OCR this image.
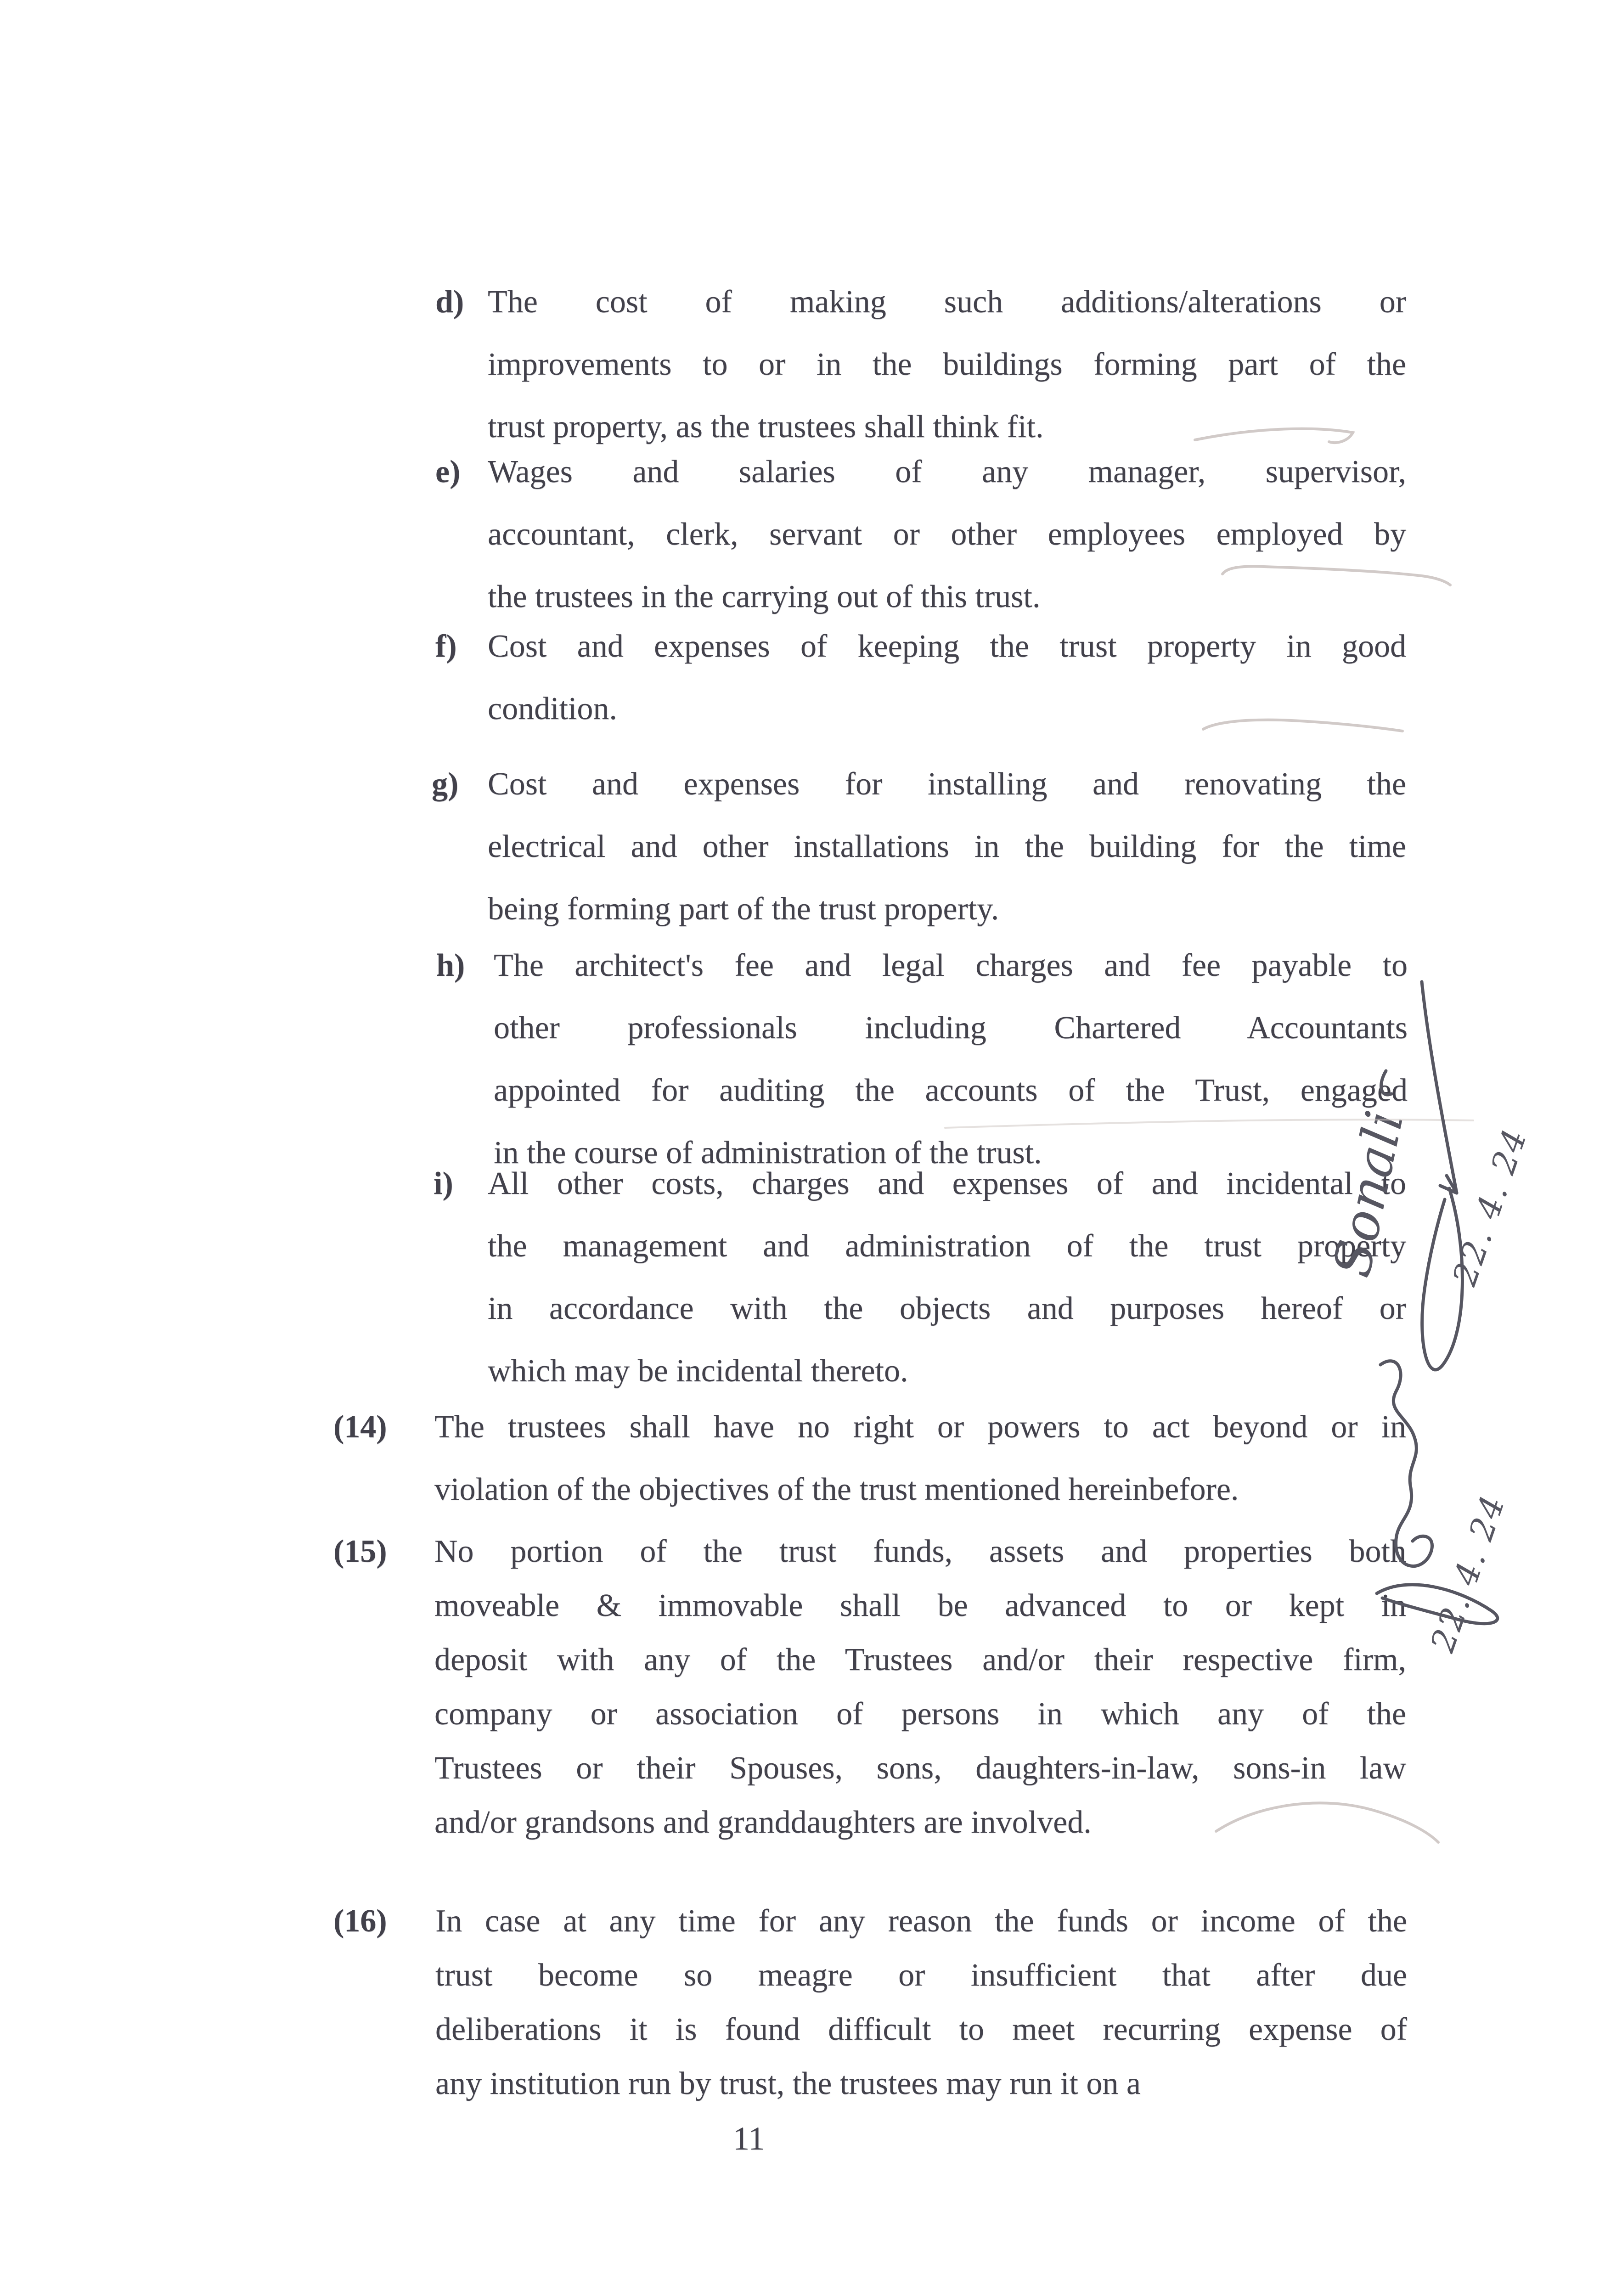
d) The cost of making such additions/alterations or
improvements to or in the buildings forming part of the
trust property, as the trustees shall think fit.
e) Wages and salaries of any manager, supervisor,
accountant, clerk, servant or other employees employed by
the trustees in the carrying out of this trust.
f) Cost and expenses of keeping the trust property in good
condition.
g) Cost and expenses for installing and renovating the
electrical and other installations in the building for the time
being forming part of the trust property.
h) The architect's fee and legal charges and fee payable to
other professionals including Chartered Accountants
appointed for auditing the accounts of the Trust, engaged
in the course of administration of the trust.
i) All other costs, charges and expenses of and incidental to
the management and administration of the trust property
in accordance with the objects and purposes hereof or
which may be incidental thereto.
(14) The trustees shall have no right or powers to act beyond or in
violation of the objectives of the trust mentioned hereinbefore.
(15) No portion of the trust funds, assets and properties both
moveable & immovable shall be advanced to or kept in
deposit with any of the Trustees and/or their respective firm,
company or association of persons in which any of the
Trustees or their Spouses, sons, daughters-in-law, sons-in law
and/or grandsons and granddaughters are involved.
(16) In case at any time for any reason the funds or income of the
trust become so meagre or insufficient that after due
deliberations it is found difficult to meet recurring expense of
any institution run by trust, the trustees may run it on a
11
Sonali 22. 4. 24
22. 4. 24
